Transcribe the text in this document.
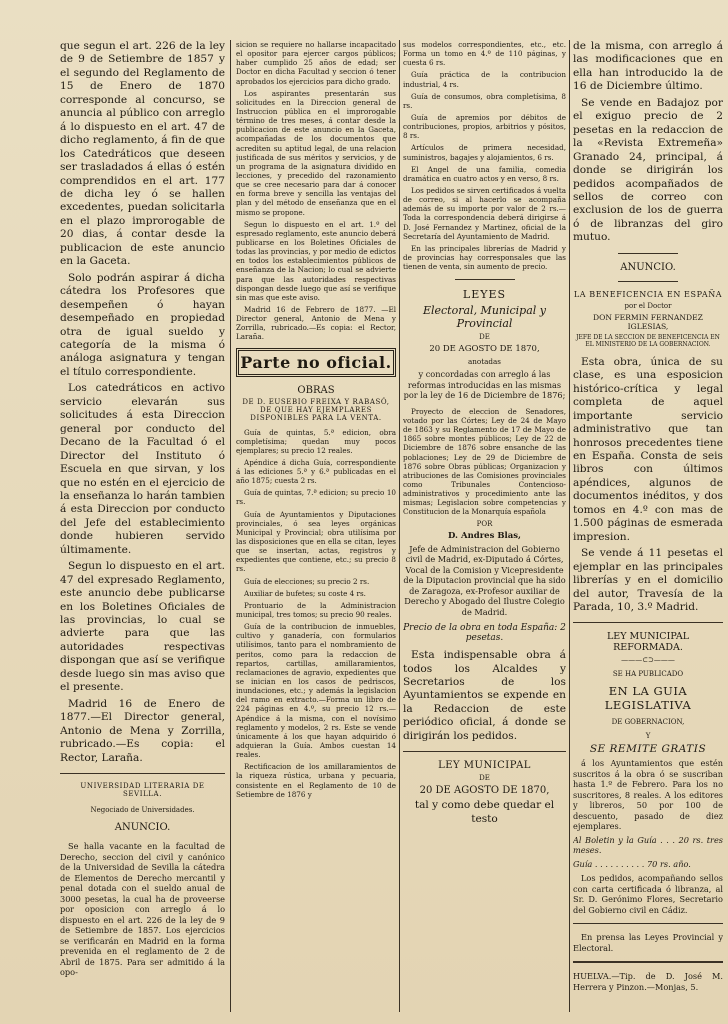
que segun el art. 226 de la ley de 9 de Setiembre de 1857 y el segundo del Reglamento de 15 de Enero de 1870 corresponde al concurso, se anuncia al público con arreglo á lo dispuesto en el art. 47 de dicho reglamento, á fin de que los Catedráticos que deseen ser trasladados á ellas ó estén comprendidos en el art. 177 de dicha ley ó se hallen excedentes, puedan solicitarla en el plazo improrogable de 20 dias, á contar desde la publicacion de este anuncio en la Gaceta.

Solo podrán aspirar á dicha cátedra los Profesores que desempeñen ó hayan desempeñado en propiedad otra de igual sueldo y categoría de la misma ó análoga asignatura y tengan el título correspondiente.

Los catedráticos en activo servicio elevarán sus solicitudes á esta Direccion general por conducto del Decano de la Facultad ó el Director del Instituto ó Escuela en que sirvan, y los que no estén en el ejercicio de la enseñanza lo harán tambien á esta Direccion por conducto del Jefe del establecimiento donde hubieren servido últimamente.

Segun lo dispuesto en el art. 47 del expresado Reglamento, este anuncio debe publicarse en los Boletines Oficiales de las provincias, lo cual se advierte para que las autoridades respectivas dispongan que así se verifique desde luego sin mas aviso que el presente.

Madrid 16 de Enero de 1877.—El Director general, Antonio de Mena y Zorrilla, rubricado.—Es copia: el Rector, Laraña.

UNIVERSIDAD LITERARIA DE SEVILLA.

Negociado de Universidades.

ANUNCIO.

Se halla vacante en la facultad de Derecho, seccion del civil y canónico de la Universidad de Sevilla la cátedra de Elementos de Derecho mercantil y penal dotada con el sueldo anual de 3000 pesetas, la cual ha de proveerse por oposicion con arreglo á lo dispuesto en el art. 226 de la ley de 9 de Setiembre de 1857. Los ejercicios se verificarán en Madrid en la forma prevenida en el reglamento de 2 de Abril de 1875. Para ser admitido á la opo-

sicion se requiere no hallarse incapacitado el opositor para ejercer cargos públicos; haber cumplido 25 años de edad; ser Doctor en dicha Facultad y seccion ó tener aprobados los ejercicios para dicho grado.

Los aspirantes presentarán sus solicitudes en la Direccion general de Instruccion pública en el improrogable término de tres meses, á contar desde la publicacion de este anuncio en la Gaceta, acompañadas de los documentos que acrediten su aptitud legal, de una relacion justificada de sus méritos y servicios, y de un programa de la asignatura dividido en lecciones, y precedido del razonamiento que se cree necesario para dar á conocer en forma breve y sencilla las ventajas del plan y del método de enseñanza que en el mismo se propone.

Segun lo dispuesto en el art. 1.º del espresado reglamento, este anuncio deberá publicarse en los Boletines Oficiales de todas las provincias, y por medio de edictos en todos los establecimientos públicos de enseñanza de la Nacion; lo cual se advierte para que las autoridades respectivas dispongan desde luego que así se verifique sin mas que este aviso.

Madrid 16 de Febrero de 1877. —El Director general, Antonio de Mena y Zorrilla, rubricado.—Es copia: el Rector, Laraña.

Parte no oficial.

OBRAS

DE D. EUSEBIO FREIXA Y RABASÓ, DE QUE HAY EJEMPLARES DISPONIBLES PARA LA VENTA.

Guía de quintas, 5.ª edicion, obra completísima; quedan muy pocos ejemplares; su precio 12 reales.

Apéndice á dicha Guía, correspondiente á las ediciones 5.ª y 6.ª publicadas en el año 1875; cuesta 2 rs.

Guía de quintas, 7.ª edicion; su precio 10 rs.

Guía de Ayuntamientos y Diputaciones provinciales, ó sea leyes orgánicas Municipal y Provincial; obra utilísima por las disposiciones que en ella se citan, leyes que se insertan, actas, registros y expedientes que contiene, etc.; su precio 8 rs.

Guía de elecciones; su precio 2 rs.

Auxiliar de bufetes; su coste 4 rs.

Prontuario de la Administracion municipal, tres tomos; su precio 90 reales.

Guía de la contribucion de inmuebles, cultivo y ganadería, con formularios utilísimos, tanto para el nombramiento de peritos, como para la redaccion de repartos, cartillas, amillaramientos, reclamaciones de agravio, expedientes que se inician en los casos de pedriscos, inundaciones, etc.; y además la legislacion del ramo en extracto.—Forma un libro de 224 páginas en 4.º, su precio 12 rs.—Apéndice á la misma, con el novísimo reglamento y modelos, 2 rs. Este se vende únicamente á los que hayan adquirido ó adquieran la Guía. Ambos cuestan 14 reales.

Rectificacion de los amillaramientos de la riqueza rústica, urbana y pecuaria, consistente en el Reglamento de 10 de Setiembre de 1876 y

sus modelos correspondientes, etc., etc. Forma un tomo en 4.º de 110 páginas, y cuesta 6 rs.

Guía práctica de la contribucion industrial, 4 rs.

Guía de consumos, obra completísima, 8 rs.

Guía de apremios por débitos de contribuciones, propios, arbitrios y pósitos, 8 rs.

Artículos de primera necesidad, suministros, bagajes y alojamientos, 6 rs.

El Angel de una familia, comedia dramática en cuatro actos y en verso, 8 rs.

Los pedidos se sirven certificados á vuelta de correo, si al hacerlo se acompaña además de su importe por valor de 2 rs.—Toda la correspondencia deberá dirigirse á D. José Fernandez y Martinez, oficial de la Secretaría del Ayuntamiento de Madrid.

En las principales librerías de Madrid y de provincias hay corresponsales que las tienen de venta, sin aumento de precio.

LEYES

Electoral, Municipal y Provincial

DE

20 DE AGOSTO DE 1870,

anotadas

y concordadas con arreglo á las reformas introducidas en las mismas por la ley de 16 de Diciembre de 1876;

Proyecto de eleccion de Senadores, votado por las Córtes; Ley de 24 de Mayo de 1863 y su Reglamento de 17 de Mayo de 1865 sobre montes públicos; Ley de 22 de Diciembre de 1876 sobre ensanche de las poblaciones; Ley de 29 de Diciembre de 1876 sobre Obras públicas; Organizacion y atribuciones de las Comisiones provinciales como Tribunales Contencioso-administrativos y procedimiento ante las mismas; Legislacion sobre competencias y Constitucion de la Monarquía española

POR

D. Andres Blas,

Jefe de Administracion del Gobierno civil de Madrid, ex-Diputado á Córtes, Vocal de la Comision y Vicepresidente de la Diputacion provincial que ha sido de Zaragoza, ex-Profesor auxiliar de Derecho y Abogado del Ilustre Colegio de Madrid.

Precio de la obra en toda España: 2 pesetas.

Esta indispensable obra á todos los Alcaldes y Secretarios de los Ayuntamientos se expende en la Redaccion de este periódico oficial, á donde se dirigirán los pedidos.

LEY MUNICIPAL

DE

20 DE AGOSTO DE 1870,

tal y como debe quedar el testo

de la misma, con arreglo á las modificaciones que en ella han introducido la de 16 de Diciembre último.

Se vende en Badajoz por el exiguo precio de 2 pesetas en la redaccion de la «Revista Extremeña» Granado 24, principal, á donde se dirigirán los pedidos acompañados de sellos de correo con exclusion de los de guerra ó de libranzas del giro mutuo.

ANUNCIO.

LA BENEFICENCIA EN ESPAÑA

por el Doctor

DON FERMIN FERNANDEZ IGLESIAS,

JEFE DE LA SECCION DE BENEFICENCIA EN EL MINISTERIO DE LA GOBERNACION.

Esta obra, única de su clase, es una esposicion histórico-crítica y legal completa de aquel importante servicio administrativo que tan honrosos precedentes tiene en España. Consta de seis libros con últimos apéndices, algunos de documentos inéditos, y dos tomos en 4.º con mas de 1.500 páginas de esmerada impresion.

Se vende á 11 pesetas el ejemplar en las principales librerías y en el domicilio del autor, Travesía de la Parada, 10, 3.º Madrid.

LEY MUNICIPAL REFORMADA.

———⊂⊃———

SE HA PUBLICADO

EN LA GUIA LEGISLATIVA

DE GOBERNACION,

Y

SE REMITE GRATIS

á los Ayuntamientos que estén suscritos á la obra ó se suscriban hasta 1.º de Febrero. Para los no suscritores, 8 reales. A los editores y libreros, 50 por 100 de descuento, pasado de diez ejemplares.

Al Boletin y la Guía . . . 20 rs. tres meses.

Guía . . . . . . . . . . 70 rs. año.

Los pedidos, acompañando sellos con carta certificada ó libranza, al Sr. D. Gerónimo Flores, Secretario del Gobierno civil en Cádiz.

En prensa las Leyes Provincial y Electoral.

HUELVA.—Tip. de D. José M. Herrera y Pinzon.—Monjas, 5.
